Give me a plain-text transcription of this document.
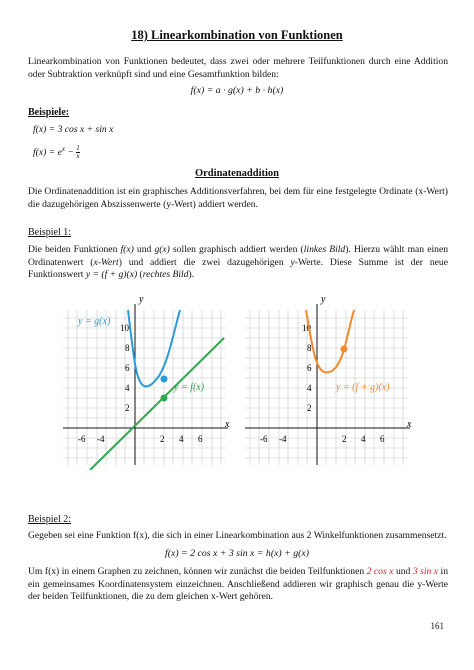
18) Linearkombination von Funktionen
Linearkombination von Funktionen bedeutet, dass zwei oder mehrere Teilfunktionen durch eine Addition oder Subtraktion verknüpft sind und eine Gesamtfunktion bilden:
f(x) = a · g(x) + b · h(x)
Beispiele:
f(x) = 3 cos x + sin x
$f(x) = e^x - \frac{1}{x}$
Ordinatenaddition
Die Ordinatenaddition ist ein graphisches Additionsverfahren, bei dem für eine festgelegte Ordinate (x-Wert) die dazugehörigen Abszissenwerte (y-Wert) addiert werden.
Beispiel 1:
Die beiden Funktionen f(x) und g(x) sollen graphisch addiert werden (linkes Bild). Hierzu wählt man einen Ordinatenwert (x-Wert) und addiert die zwei dazugehörigen y-Werte. Diese Summe ist der neue Funktionswert y = (f + g)(x) (rechtes Bild).
x
y
-6 -4	2 4 6
2
4
6
8
10
y = g(x)
y = f(x)
x
y
-6 -4	2 4 6
2
4
6
8
10
y = (f + g)(x)
Beispiel 2:
Gegeben sei eine Funktion f(x), die sich in einer Linearkombination aus 2 Winkelfunktionen zusammensetzt.
f(x) = 2 cos x + 3 sin x = h(x) + g(x)
Um f(x) in einem Graphen zu zeichnen, können wir zunächst die beiden Teilfunktionen 2 cos x und 3 sin x in ein gemeinsames Koordinatensystem einzeichnen. Anschließend addieren wir graphisch genau die y-Werte der beiden Teilfunktionen, die zu dem gleichen x-Wert gehören.
161
